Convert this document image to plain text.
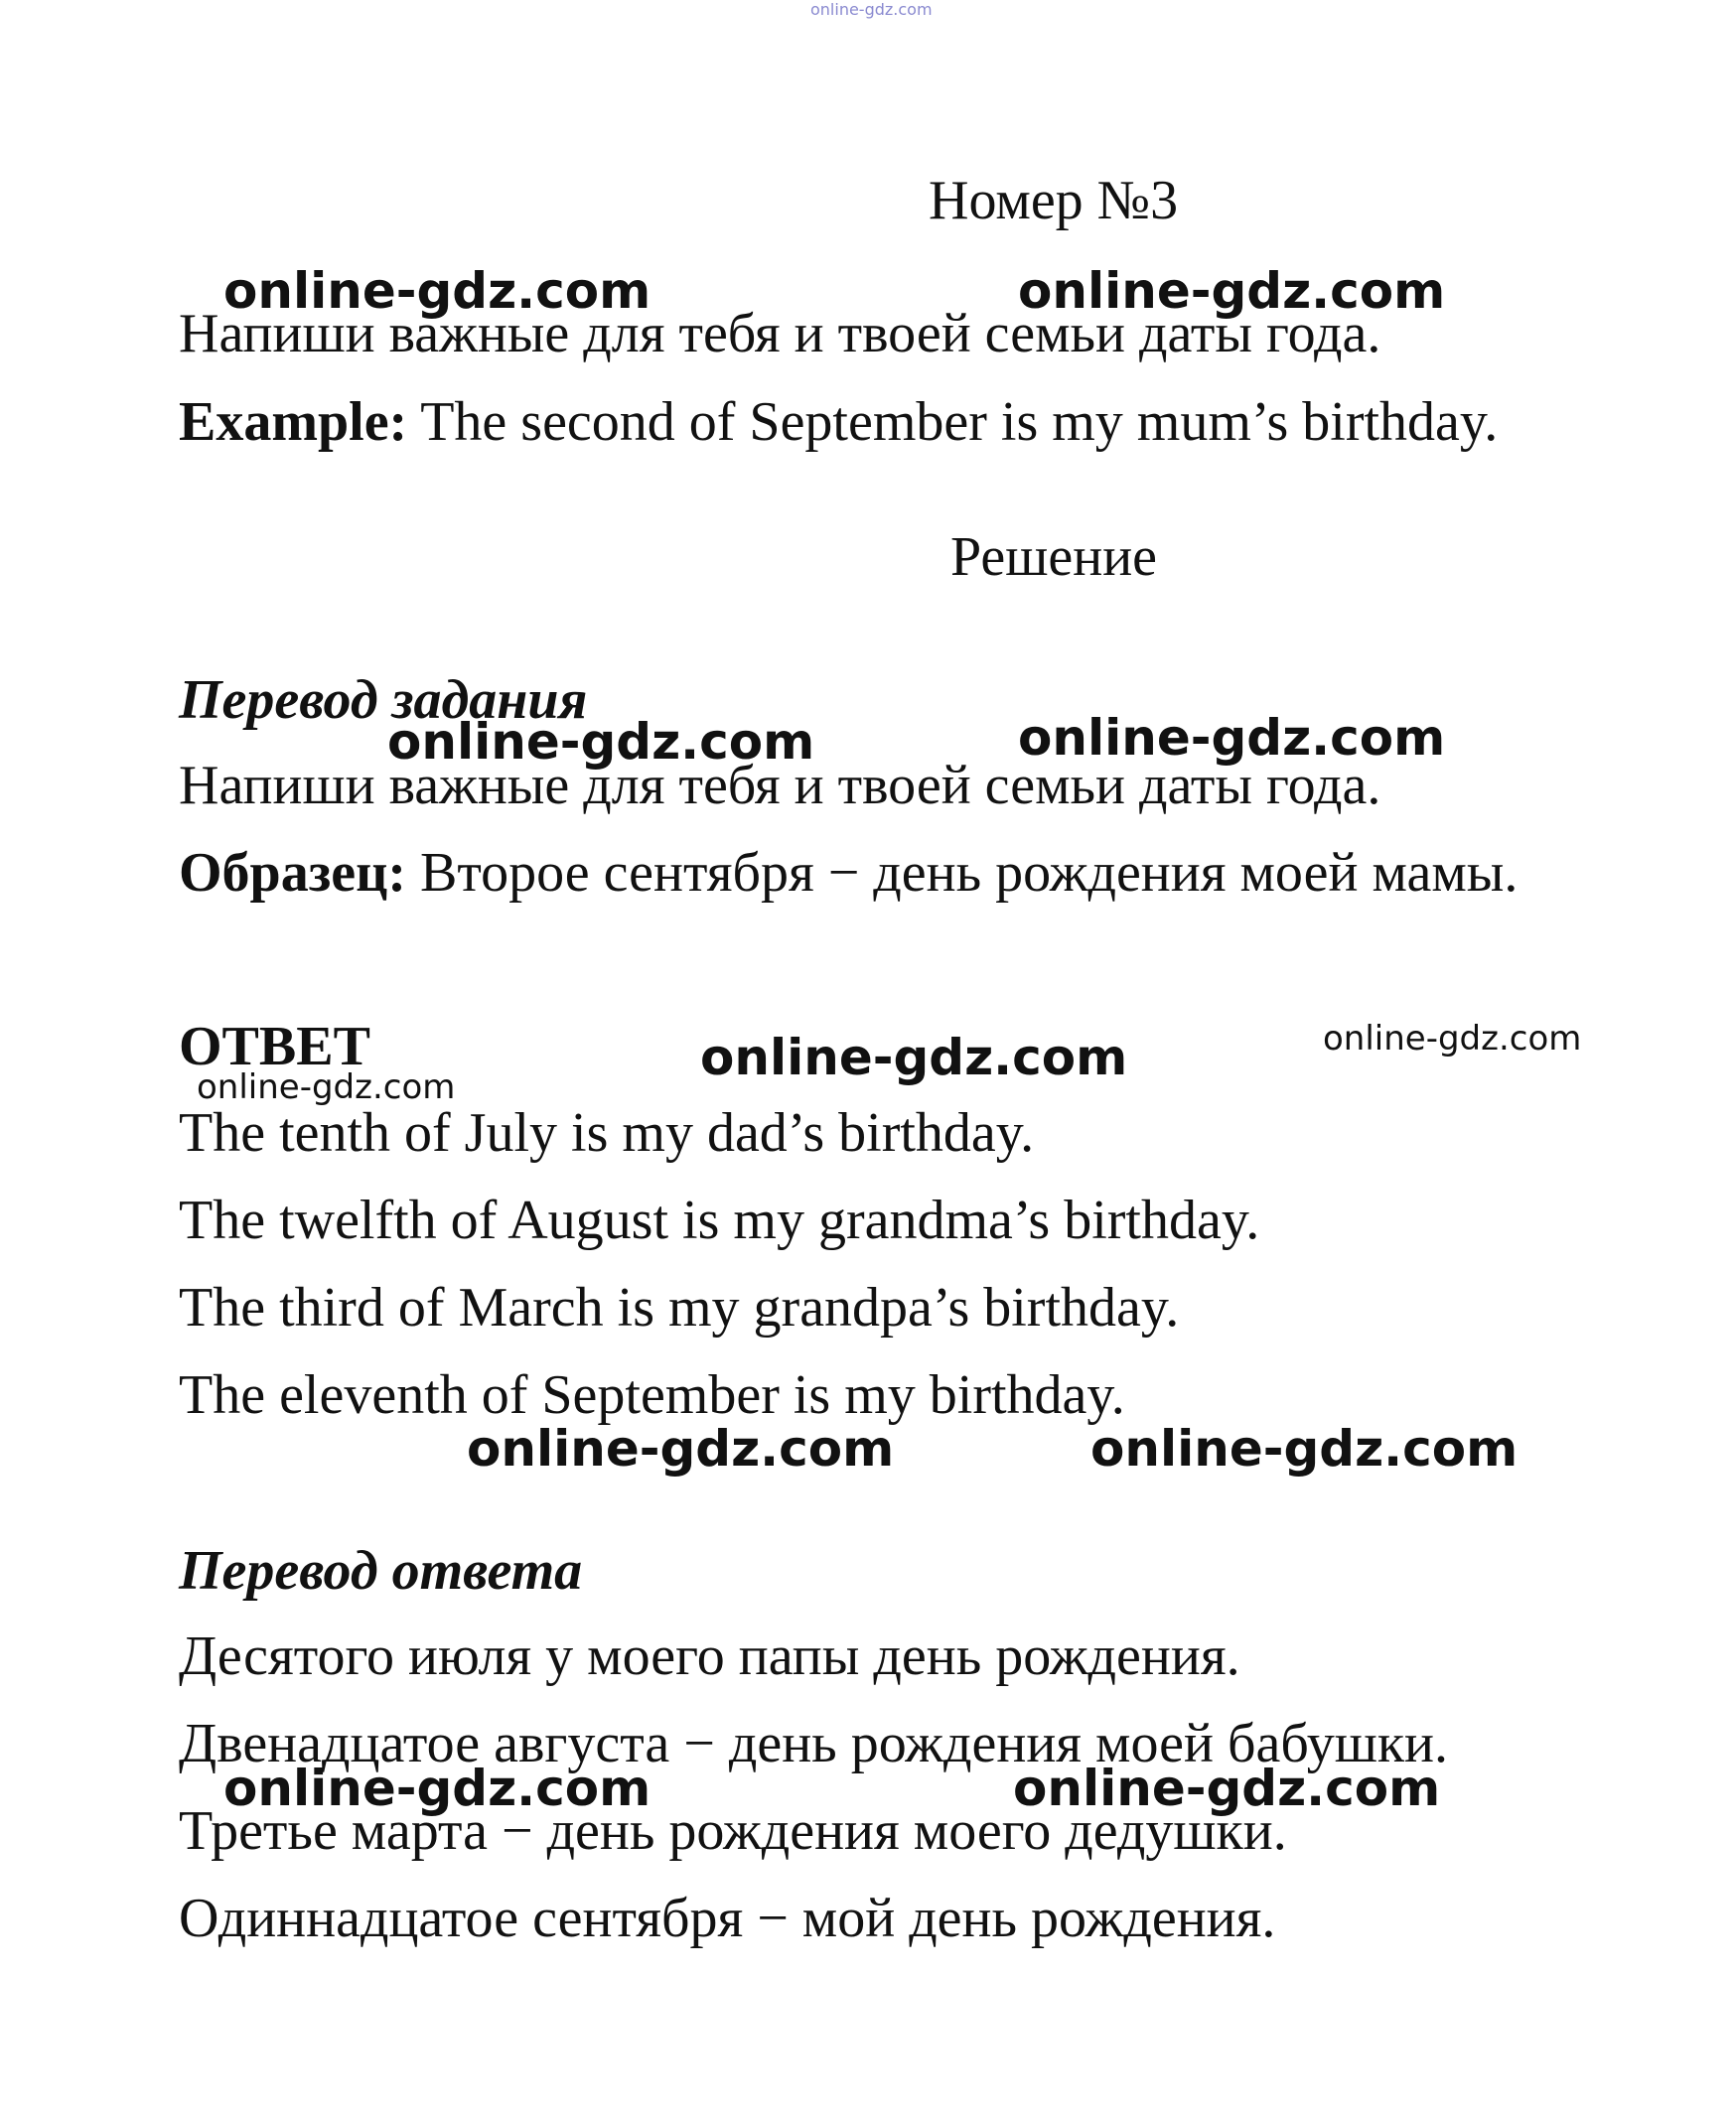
online-gdz.com
Номер №3
online-gdz.com	online-gdz.com
Напиши важные для тебя и твоей семьи даты года.
Example: The second of September is my mum’s birthday.
Решение
Перевод задания
online-gdz.com	online-gdz.com
Напиши важные для тебя и твоей семьи даты года.
Образец: Второе сентября − день рождения моей мамы.
ОТВЕТ	online-gdz.com	online-gdz.com
online-gdz.com
The tenth of July is my dad’s birthday.
The twelfth of August is my grandma’s birthday.
The third of March is my grandpa’s birthday.
The eleventh of September is my birthday.
online-gdz.com	online-gdz.com
Перевод ответа
Десятого июля у моего папы день рождения.
Двенадцатое августа − день рождения моей бабушки.
online-gdz.com	online-gdz.com
Третье марта − день рождения моего дедушки.
Одиннадцатое сентября − мой день рождения.
